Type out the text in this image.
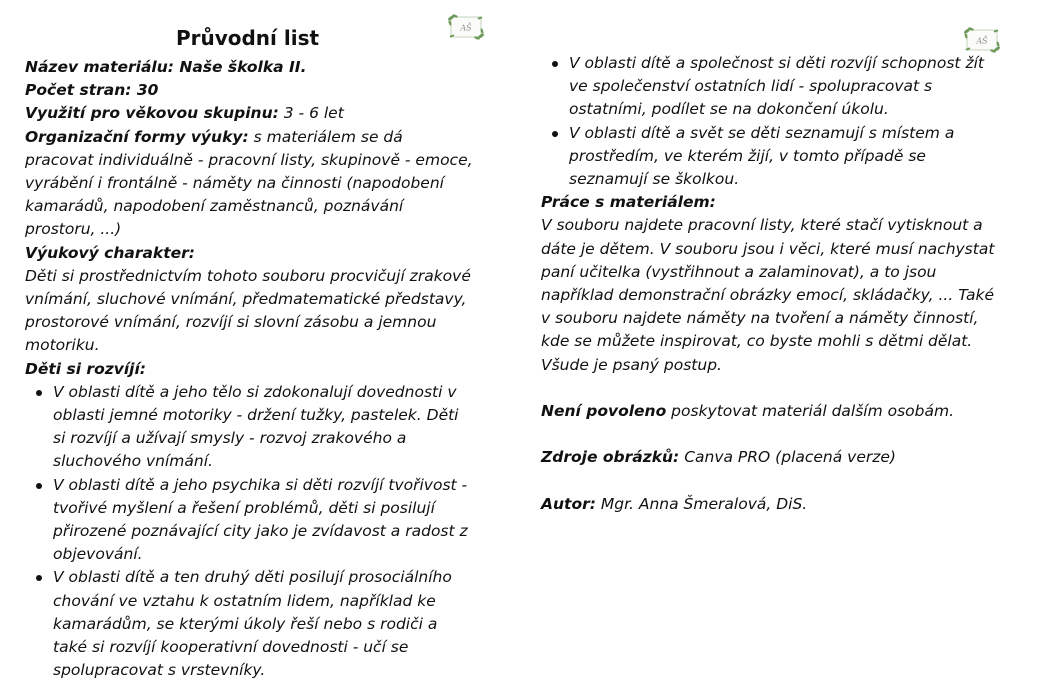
AŠ
AŠ
Průvodní list

Název materiálu: Naše školka II.

Počet stran: 30

Využití pro věkovou skupinu: 3 - 6 let

Organizační formy výuky: s materiálem se dá pracovat individuálně - pracovní listy, skupinově - emoce, vyrábění i frontálně - náměty na činnosti (napodobení kamarádů, napodobení zaměstnanců, poznávání prostoru, ...)

Výukový charakter:

Děti si prostřednictvím tohoto souboru procvičují zrakové vnímání, sluchové vnímání, předmatematické představy, prostorové vnímání, rozvíjí si slovní zásobu a jemnou motoriku.

Děti si rozvíjí:

V oblasti dítě a jeho tělo si zdokonalují dovednosti v oblasti jemné motoriky - držení tužky, pastelek. Děti si rozvíjí a užívají smysly - rozvoj zrakového a sluchového vnímání.
V oblasti dítě a jeho psychika si děti rozvíjí tvořivost - tvořivé myšlení a řešení problémů, děti si posilují přirozené poznávající city jako je zvídavost a radost z objevování.
V oblasti dítě a ten druhý děti posilují prosociálního chování ve vztahu k ostatním lidem, například ke kamarádům, se kterými úkoly řeší nebo s rodiči a také si rozvíjí kooperativní dovednosti - učí se spolupracovat s vrstevníky.
V oblasti dítě a společnost si děti rozvíjí schopnost žít ve společenství ostatních lidí - spolupracovat s ostatními, podílet se na dokončení úkolu.
V oblasti dítě a svět se děti seznamují s místem a prostředím, ve kterém žijí, v tomto případě se seznamují se školkou.

Práce s materiálem:

V souboru najdete pracovní listy, které stačí vytisknout a dáte je dětem. V souboru jsou i věci, které musí nachystat paní učitelka (vystřihnout a zalaminovat), a to jsou například demonstrační obrázky emocí, skládačky, ... Také v souboru najdete náměty na tvoření a náměty činností, kde se můžete inspirovat, co byste mohli s dětmi dělat. Všude je psaný postup.

Není povoleno poskytovat materiál dalším osobám.

Zdroje obrázků: Canva PRO (placená verze)

Autor: Mgr. Anna Šmeralová, DiS.
